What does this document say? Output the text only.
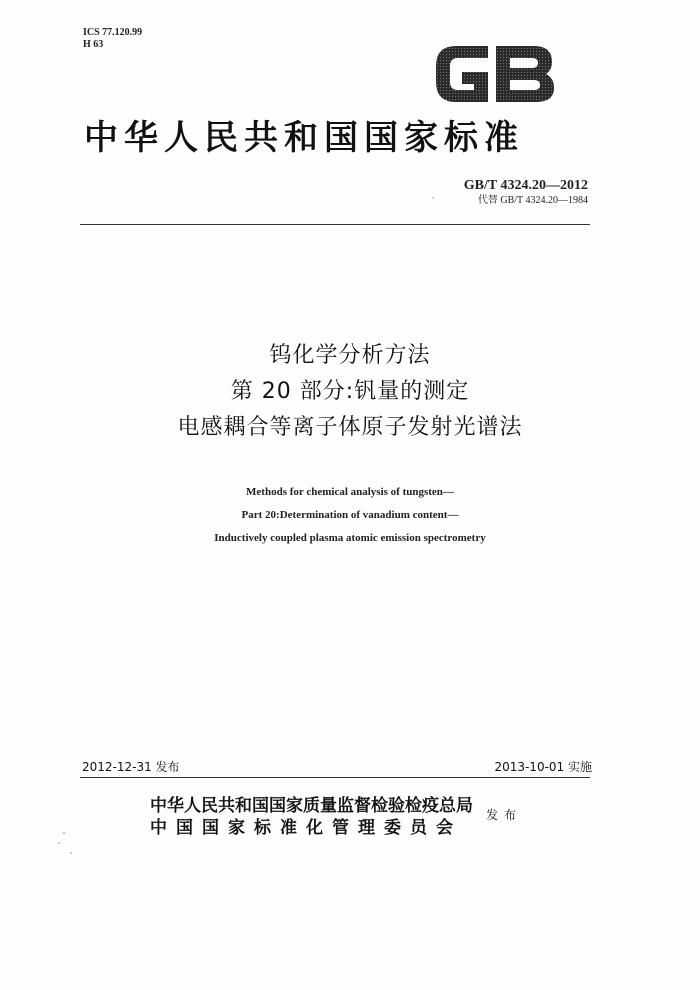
ICS 77.120.99
H 63
中华人民共和国国家标准
GB/T 4324.20—2012
代替 GB/T 4324.20—1984
钨化学分析方法
第 20 部分:钒量的测定
电感耦合等离子体原子发射光谱法
Methods for chemical analysis of tungsten—
Part 20:Determination of vanadium content—
Inductively coupled plasma atomic emission spectrometry
2012-12-31 发布	2013-10-01 实施
中华人民共和国国家质量监督检验检疫总局
中国国家标准化管理委员会
发布
